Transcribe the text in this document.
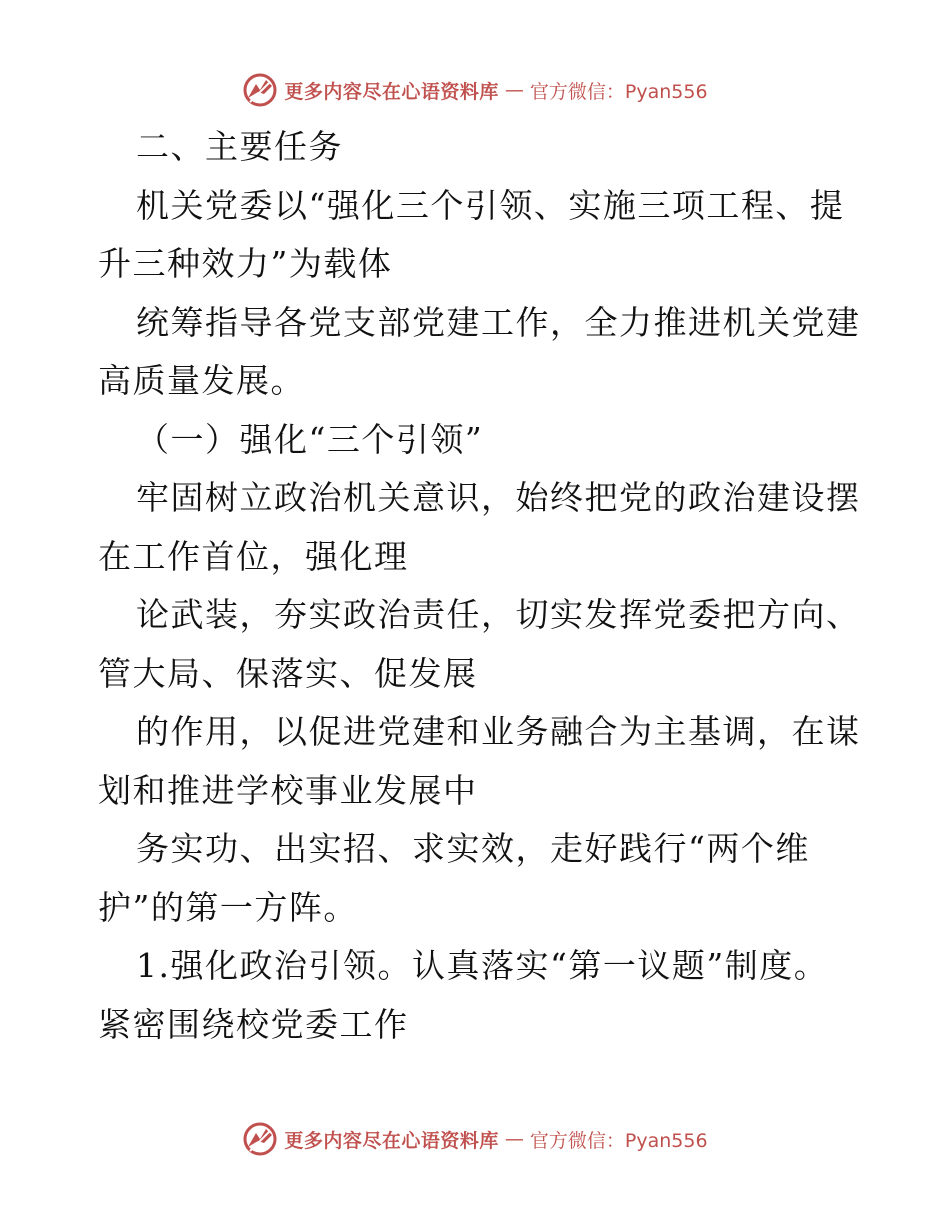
更多内容尽在心语资料库 — 官方微信：Pyan556
二、主要任务
机关党委以“强化三个引领、实施三项工程、提
升三种效力”为载体
统筹指导各党支部党建工作，全力推进机关党建
高质量发展。
（一）强化“三个引领”
牢固树立政治机关意识，始终把党的政治建设摆
在工作首位，强化理
论武装，夯实政治责任，切实发挥党委把方向、
管大局、保落实、促发展
的作用，以促进党建和业务融合为主基调，在谋
划和推进学校事业发展中
务实功、出实招、求实效，走好践行“两个维
护”的第一方阵。
1.强化政治引领。认真落实“第一议题”制度。
紧密围绕校党委工作
更多内容尽在心语资料库 — 官方微信：Pyan556
